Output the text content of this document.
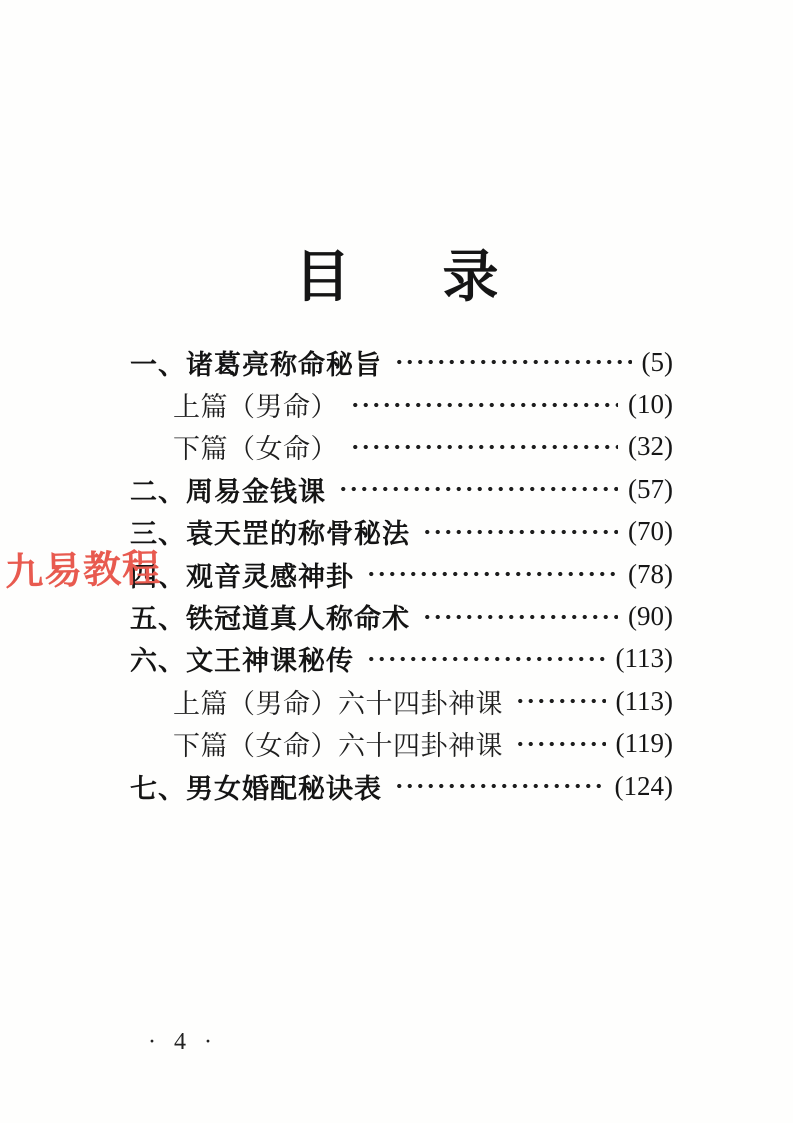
目 录
一、诸葛亮称命秘旨	(5)
上篇（男命）	(10)
下篇（女命）	(32)
二、周易金钱课	(57)
三、袁天罡的称骨秘法	(70)
四、观音灵感神卦	(78)
五、铁冠道真人称命术	(90)
六、文王神课秘传	(113)
上篇（男命）六十四卦神课	(113)
下篇（女命）六十四卦神课	(119)
七、男女婚配秘诀表	(124)
九易教程
· 4 ·
